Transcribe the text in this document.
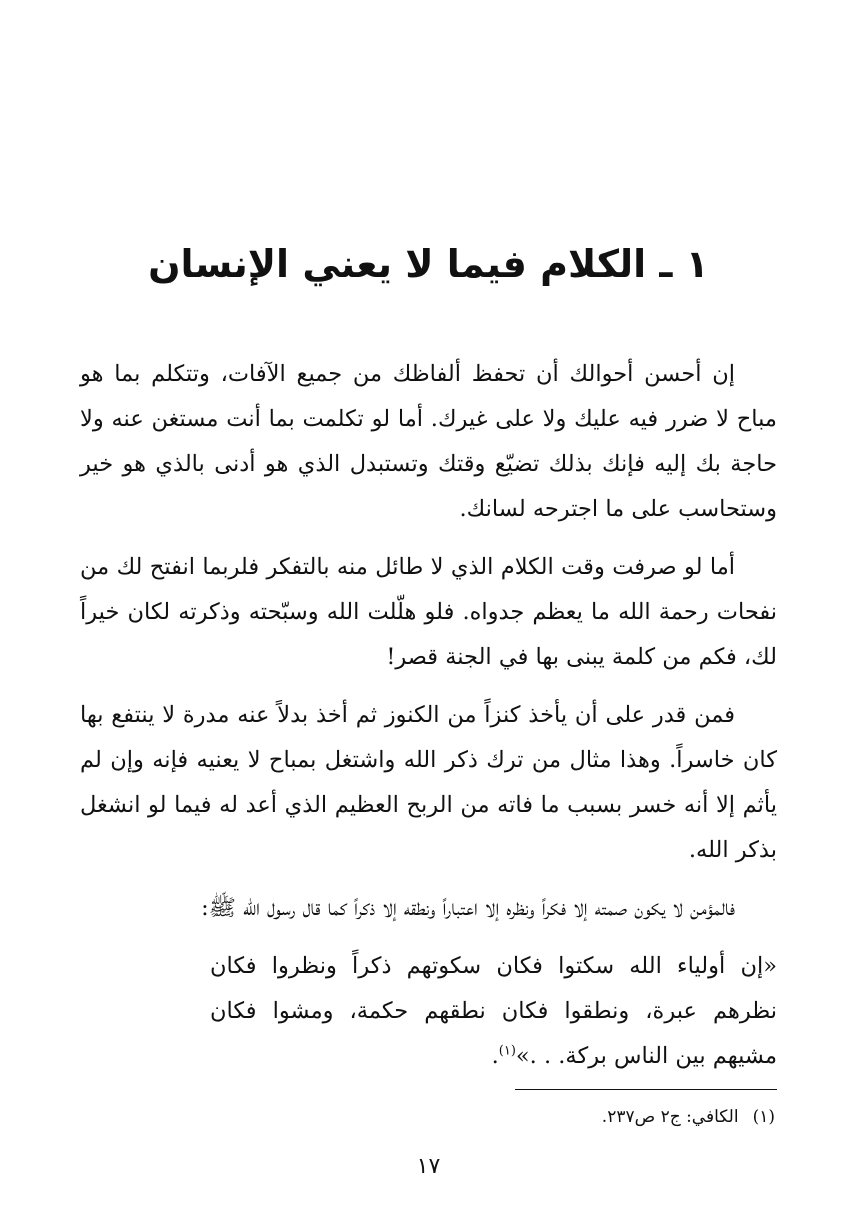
١ ـ الكلام فيما لا يعني الإنسان

إن أحسن أحوالك أن تحفظ ألفاظك من جميع الآفات، وتتكلم بما هو مباح لا ضرر فيه عليك ولا على غيرك. أما لو تكلمت بما أنت مستغن عنه ولا حاجة بك إليه فإنك بذلك تضيّع وقتك وتستبدل الذي هو أدنى بالذي هو خير وستحاسب على ما اجترحه لسانك.

أما لو صرفت وقت الكلام الذي لا طائل منه بالتفكر فلربما انفتح لك من نفحات رحمة الله ما يعظم جدواه. فلو هلّلت الله وسبّحته وذكرته لكان خيراً لك، فكم من كلمة يبنى بها في الجنة قصر!

فمن قدر على أن يأخذ كنزاً من الكنوز ثم أخذ بدلاً عنه مدرة لا ينتفع بها كان خاسراً. وهذا مثال من ترك ذكر الله واشتغل بمباح لا يعنيه فإنه وإن لم يأثم إلا أنه خسر بسبب ما فاته من الربح العظيم الذي أعد له فيما لو انشغل بذكر الله.

فالمؤمن لا يكون صمته إلا فكراً ونظره إلا اعتباراً ونطقه إلا ذكراً كما قال رسول الله ﷺ:

«إن أولياء الله سكتوا فكان سكوتهم ذكراً ونظروا فكان نظرهم عبرة، ونطقوا فكان نطقهم حكمة، ومشوا فكان مشيهم بين الناس بركة. . .»$^{(١)}$.

(١)الكافي: ج٢ ص٢٣٧.
١٧
